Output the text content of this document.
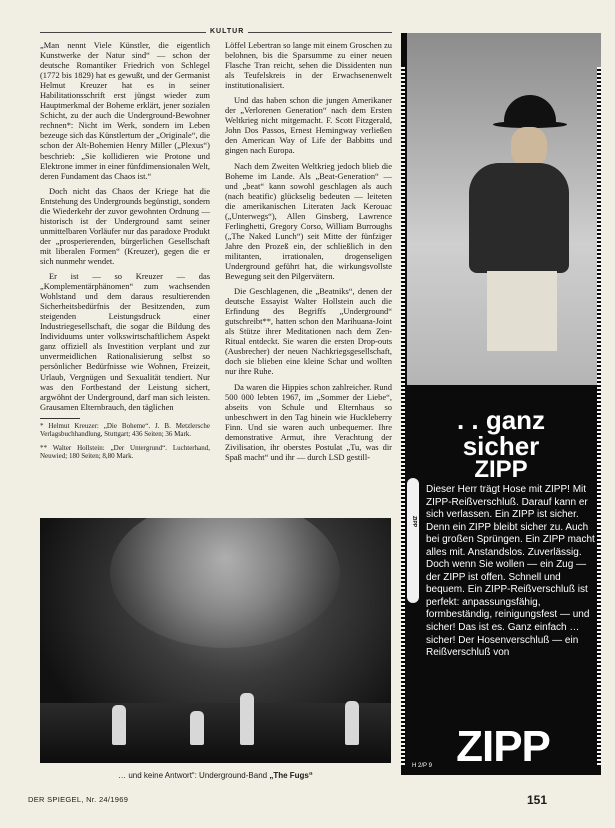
KULTUR

„Man nennt Viele Künstler, die eigentlich Kunstwerke der Natur sind“ — schon der deutsche Romantiker Friedrich von Schlegel (1772 bis 1829) hat es gewußt, und der Germanist Helmut Kreuzer hat es in seiner Habilitationsschrift erst jüngst wieder zum Hauptmerkmal der Boheme erklärt, jener sozialen Schicht, zu der auch die Underground-Bewohner rechnen*: Nicht im Werk, sondern im Leben bezeuge sich das Künstlertum der „Originale“, die schon der Alt-Bohemien Henry Miller („Plexus“) beschrieb: „Sie kollidieren wie Protone und Elektrone immer in einer fünfdimensionalen Welt, deren Fundament das Chaos ist.“

Doch nicht das Chaos der Kriege hat die Entstehung des Undergrounds begünstigt, sondern die Wiederkehr der zuvor gewohnten Ordnung — historisch ist der Underground samt seiner unmittelbaren Vorläufer nur das paradoxe Produkt der „prosperierenden, bürgerlichen Gesellschaft mit liberalen Formen“ (Kreuzer), gegen die er sich nunmehr wendet.

Er ist — so Kreuzer — das „Komplementärphänomen“ zum wachsenden Wohlstand und dem daraus resultierenden Sicherheitsbedürfnis der Besitzenden, zum steigenden Leistungsdruck einer Industriegesellschaft, die sogar die Bildung des Individuums unter volkswirtschaftlichem Aspekt ganz offiziell als Investition verplant und zur unvermeidlichen Rationalisierung selbst so persönlicher Bedürfnisse wie Wohnen, Freizeit, Urlaub, Vergnügen und Sexualität tendiert. Nur was den Fortbestand der Leistung sichert, argwöhnt der Underground, darf man sich leisten. Grausamen Elternbrauch, den täglichen

* Helmut Kreuzer: „Die Boheme“. J. B. Metzlersche Verlagsbuchhandlung, Stuttgart; 436 Seiten; 36 Mark.

** Walter Hollstein: „Der Untergrund“. Luchterhand, Neuwied; 180 Seiten; 8,80 Mark.

Löffel Lebertran so lange mit einem Groschen zu belohnen, bis die Sparsumme zu einer neuen Flasche Tran reicht, sehen die Dissidenten nun als Teufelskreis in der Erwachsenenwelt institutionalisiert.

Und das haben schon die jungen Amerikaner der „Verlorenen Generation“ nach dem Ersten Weltkrieg nicht mitgemacht. F. Scott Fitzgerald, John Dos Passos, Ernest Hemingway verließen den American Way of Life der Babbitts und gingen nach Europa.

Nach dem Zweiten Weltkrieg jedoch blieb die Boheme im Lande. Als „Beat-Generation“ — und „beat“ kann sowohl geschlagen als auch (nach beatific) glückselig bedeuten — leiteten die amerikanischen Literaten Jack Kerouac („Unterwegs“), Allen Ginsberg, Lawrence Ferlinghetti, Gregory Corso, William Burroughs („The Naked Lunch“) seit Mitte der fünfziger Jahre den Prozeß ein, der schließlich in den militanten, irrationalen, drogenseligen Underground geführt hat, die wirkungsvollste Bewegung seit den Pilgervätern.

Die Geschlagenen, die „Beatniks“, denen der deutsche Essayist Walter Hollstein auch die Erfindung des Begriffs „Underground“ gutschreibt**, hatten schon den Marihuana-Joint als Stütze ihrer Meditationen nach dem Zen-Ritual entdeckt. Sie waren die ersten Drop-outs (Ausbrecher) der neuen Nachkriegsgesellschaft, doch sie blieben eine kleine Schar und wollten nur ihre Ruhe.

Da waren die Hippies schon zahlreicher. Rund 500 000 lebten 1967, im „Sommer der Liebe“, abseits von Schule und Elternhaus so unbeschwert in den Tag hinein wie Huckleberry Finn. Und sie waren auch unbequemer. Ihre demonstrative Armut, ihre Verachtung der Zivilisation, ihr oberstes Postulat „Tu, was dir Spaß macht“ und ihr — durch LSD gestill-

… und keine Antwort“: Underground-Band „The Fugs“
. . ganz
sicher
ZIPP
ZIPP
Dieser Herr trägt Hose mit ZIPP! Mit ZIPP-Reißverschluß. Darauf kann er sich verlassen. Ein ZIPP ist sicher. Denn ein ZIPP bleibt sicher zu. Auch bei großen Sprüngen. Ein ZIPP macht alles mit. Anstandslos. Zuverlässig. Doch wenn Sie wollen — ein Zug — der ZIPP ist offen. Schnell und bequem. Ein ZIPP-Reißverschluß ist perfekt: anpassungsfähig, formbeständig, reinigungsfest — und sicher! Das ist es. Ganz einfach … sicher! Der Hosenverschluß — ein Reißverschluß von
ZIPP
H 2/P 9
DER SPIEGEL, Nr. 24/1969	151
